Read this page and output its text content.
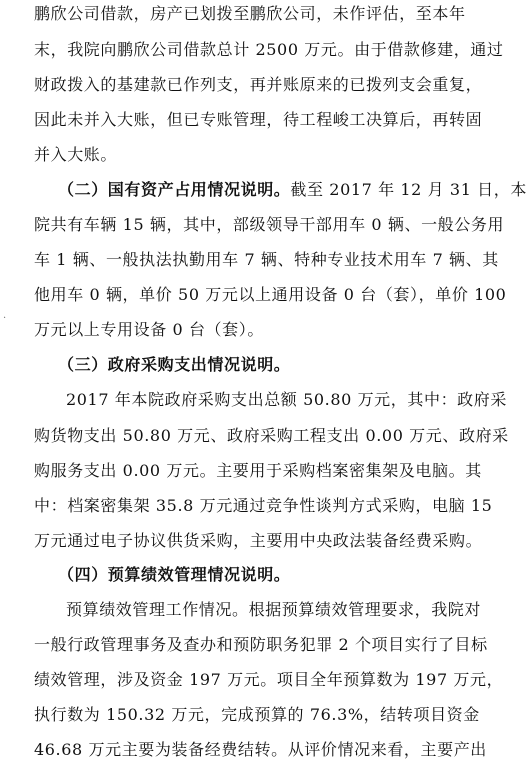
鹏欣公司借款，房产已划拨至鹏欣公司，未作评估，至本年
末，我院向鹏欣公司借款总计 2500 万元。由于借款修建，通过
财政拨入的基建款已作列支，再并账原来的已拨列支会重复，
因此未并入大账，但已专账管理，待工程峻工决算后，再转固
并入大账。
（二）国有资产占用情况说明。截至 2017 年 12 月 31 日，本
院共有车辆 15 辆，其中，部级领导干部用车 0 辆、一般公务用
车 1 辆、一般执法执勤用车 7 辆、特种专业技术用车 7 辆、其
他用车 0 辆，单价 50 万元以上通用设备 0 台（套），单价 100
万元以上专用设备 0 台（套）。
（三）政府采购支出情况说明。
2017 年本院政府采购支出总额 50.80 万元，其中：政府采
购货物支出 50.80 万元、政府采购工程支出 0.00 万元、政府采
购服务支出 0.00 万元。主要用于采购档案密集架及电脑。其
中：档案密集架 35.8 万元通过竞争性谈判方式采购，电脑 15
万元通过电子协议供货采购，主要用中央政法装备经费采购。
（四）预算绩效管理情况说明。
预算绩效管理工作情况。根据预算绩效管理要求，我院对
一般行政管理事务及查办和预防职务犯罪 2 个项目实行了目标
绩效管理，涉及资金 197 万元。项目全年预算数为 197 万元，
执行数为 150.32 万元，完成预算的 76.3%，结转项目资金
46.68 万元主要为装备经费结转。从评价情况来看，主要产出
·
